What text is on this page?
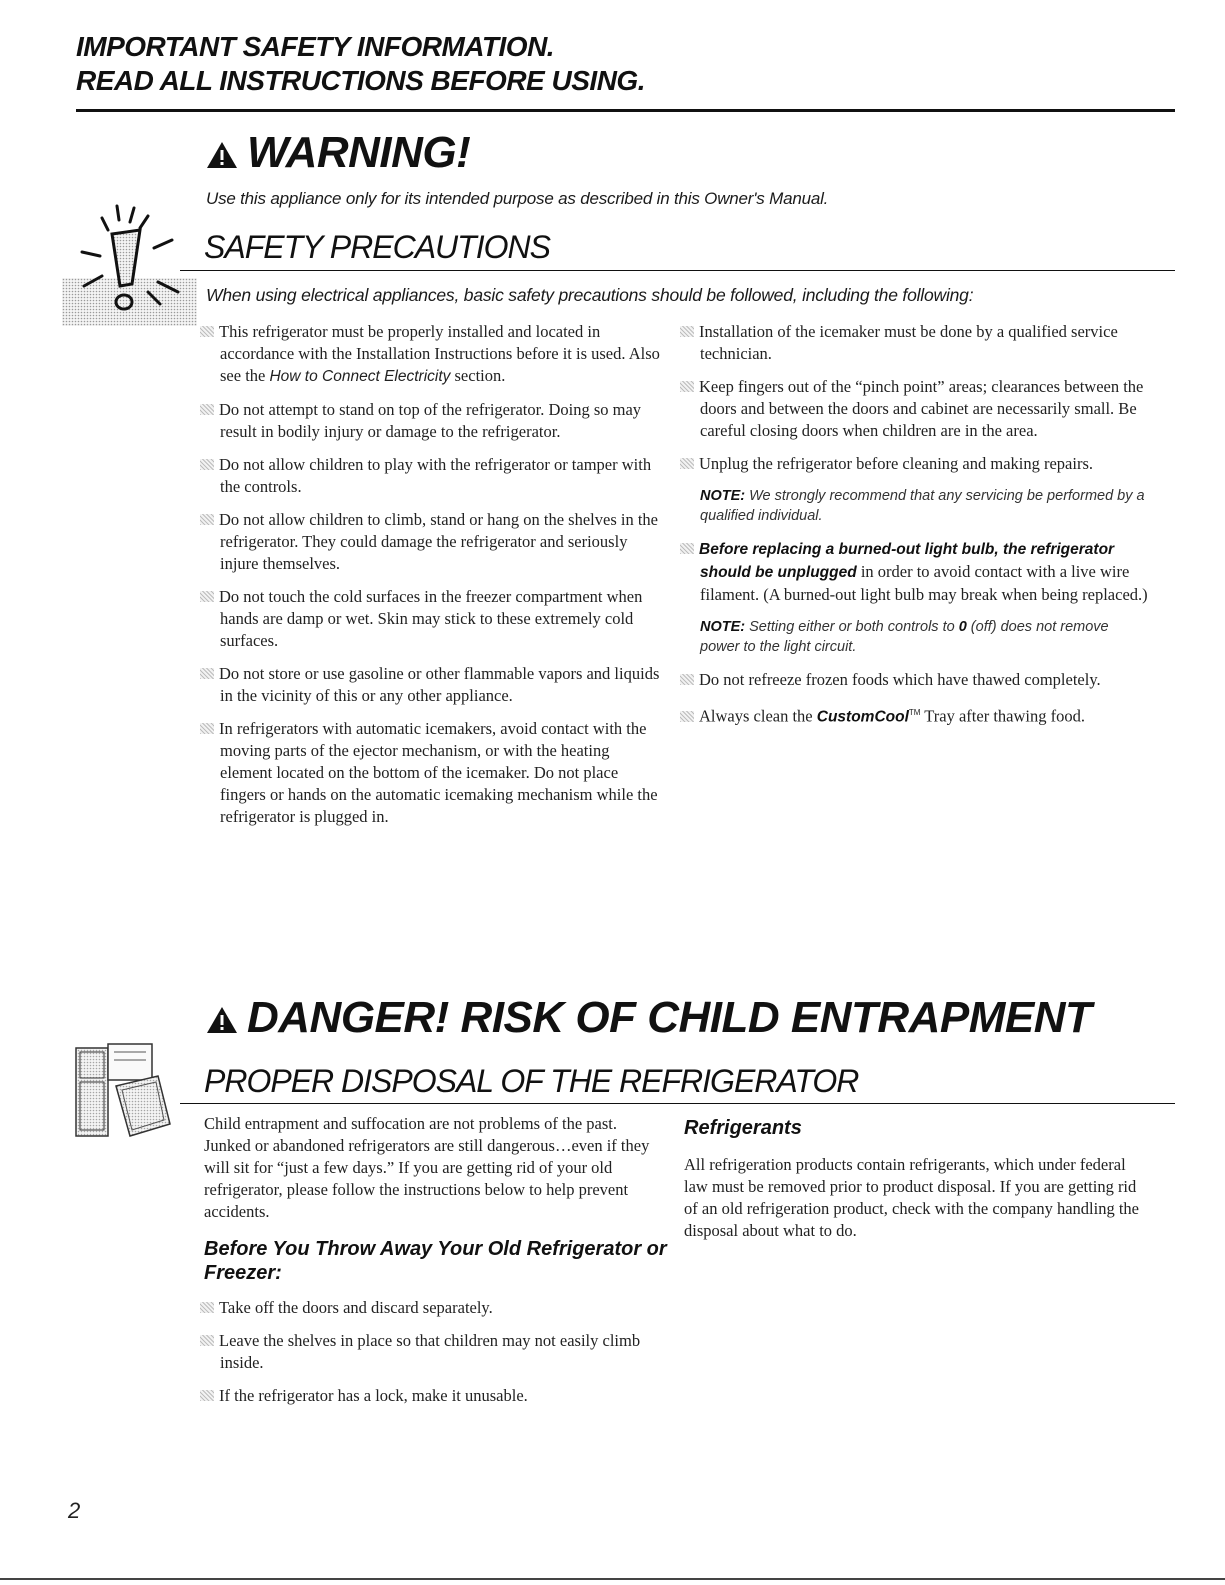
IMPORTANT SAFETY INFORMATION.
READ ALL INSTRUCTIONS BEFORE USING.
WARNING!
Use this appliance only for its intended purpose as described in this Owner's Manual.
SAFETY PRECAUTIONS
When using electrical appliances, basic safety precautions should be followed, including the following:

This refrigerator must be properly installed and located in accordance with the Installation Instructions before it is used. Also see the How to Connect Electricity section.

Do not attempt to stand on top of the refrigerator. Doing so may result in bodily injury or damage to the refrigerator.

Do not allow children to play with the refrigerator or tamper with the controls.

Do not allow children to climb, stand or hang on the shelves in the refrigerator. They could damage the refrigerator and seriously injure themselves.

Do not touch the cold surfaces in the freezer compartment when hands are damp or wet. Skin may stick to these extremely cold surfaces.

Do not store or use gasoline or other flammable vapors and liquids in the vicinity of this or any other appliance.

In refrigerators with automatic icemakers, avoid contact with the moving parts of the ejector mechanism, or with the heating element located on the bottom of the icemaker. Do not place fingers or hands on the automatic icemaking mechanism while the refrigerator is plugged in.

Installation of the icemaker must be done by a qualified service technician.

Keep fingers out of the “pinch point” areas; clearances between the doors and between the doors and cabinet are necessarily small. Be careful closing doors when children are in the area.

Unplug the refrigerator before cleaning and making repairs.

NOTE: We strongly recommend that any servicing be performed by a qualified individual.

Before replacing a burned-out light bulb, the refrigerator should be unplugged in order to avoid contact with a live wire filament. (A burned-out light bulb may break when being replaced.)

NOTE: Setting either or both controls to 0 (off) does not remove power to the light circuit.

Do not refreeze frozen foods which have thawed completely.

Always clean the CustomCool™ Tray after thawing food.

DANGER! RISK OF CHILD ENTRAPMENT
PROPER DISPOSAL OF THE REFRIGERATOR
Child entrapment and suffocation are not problems of the past. Junked or abandoned refrigerators are still dangerous…even if they will sit for “just a few days.” If you are getting rid of your old refrigerator, please follow the instructions below to help prevent accidents.
Before You Throw Away Your Old Refrigerator or Freezer:

Take off the doors and discard separately.

Leave the shelves in place so that children may not easily climb inside.

If the refrigerator has a lock, make it unusable.

Refrigerants
All refrigeration products contain refrigerants, which under federal law must be removed prior to product disposal. If you are getting rid of an old refrigeration product, check with the company handling the disposal about what to do.
2
